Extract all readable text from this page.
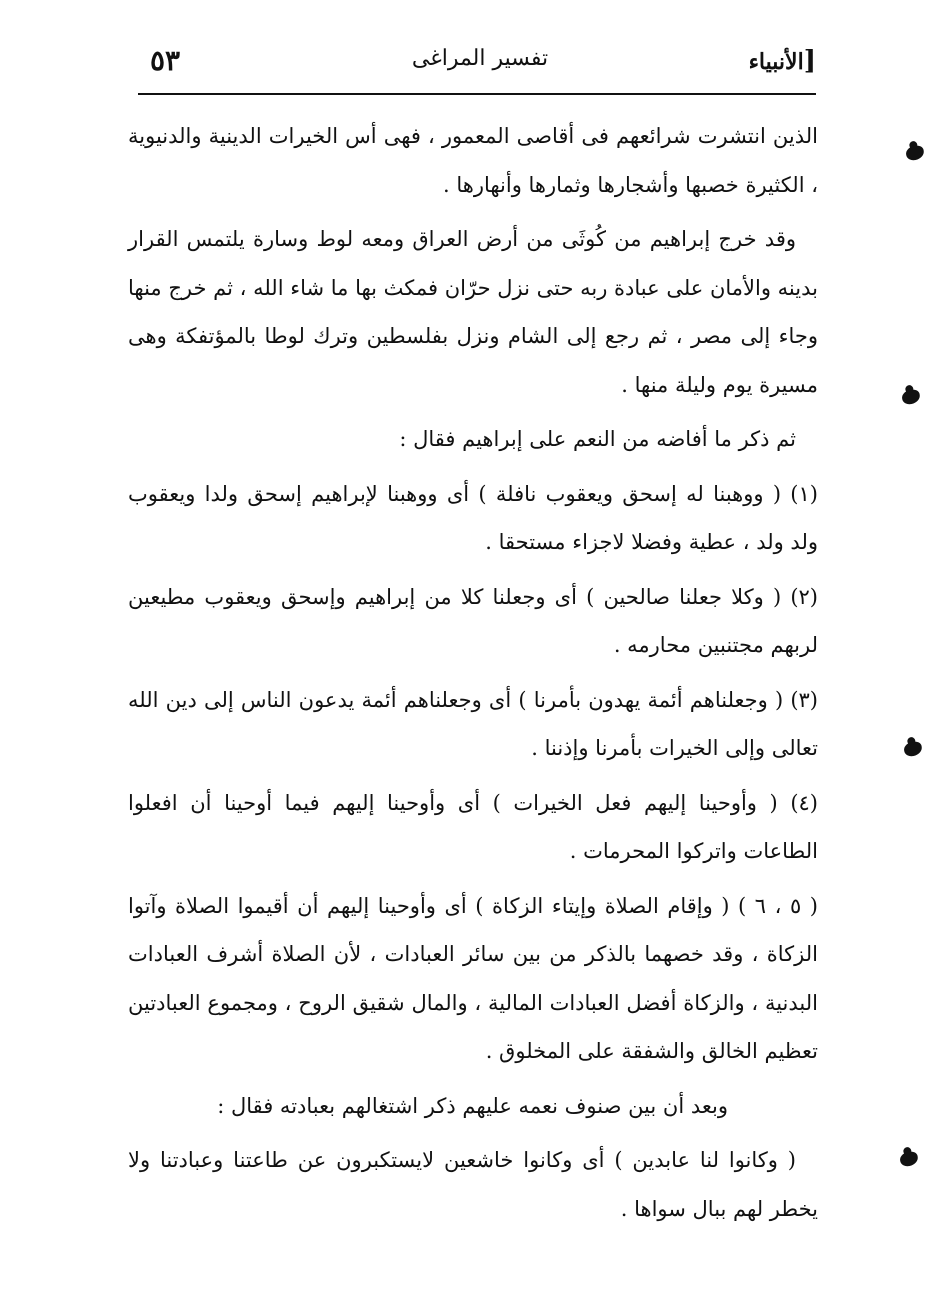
٥٣	تفسير المراغى	الأنبياء]

الذين انتشرت شرائعهم فى أقاصى المعمور ، فهى أس الخيرات الدينية والدنيوية ، الكثيرة خصبها وأشجارها وثمارها وأنهارها .

وقد خرج إبراهيم من كُوثَى من أرض العراق ومعه لوط وسارة يلتمس القرار بدينه والأمان على عبادة ربه حتى نزل حرّان فمكث بها ما شاء الله ، ثم خرج منها وجاء إلى مصر ، ثم رجع إلى الشام ونزل بفلسطين وترك لوطا بالمؤتفكة وهى مسيرة يوم وليلة منها .

ثم ذكر ما أفاضه من النعم على إبراهيم فقال :

(١) ( ووهبنا له إسحق ويعقوب نافلة ) أى ووهبنا لإبراهيم إسحق ولدا ويعقوب ولد ولد ، عطية وفضلا لاجزاء مستحقا .

(٢) ( وكلا جعلنا صالحين ) أى وجعلنا كلا من إبراهيم وإسحق ويعقوب مطيعين لربهم مجتنبين محارمه .

(٣) ( وجعلناهم أئمة يهدون بأمرنا ) أى وجعلناهم أئمة يدعون الناس إلى دين الله تعالى وإلى الخيرات بأمرنا وإذننا .

(٤) ( وأوحينا إليهم فعل الخيرات ) أى وأوحينا إليهم فيما أوحينا أن افعلوا الطاعات واتركوا المحرمات .

( ٥ ، ٦ ) ( وإقام الصلاة وإيتاء الزكاة ) أى وأوحينا إليهم أن أقيموا الصلاة وآتوا الزكاة ، وقد خصهما بالذكر من بين سائر العبادات ، لأن الصلاة أشرف العبادات البدنية ، والزكاة أفضل العبادات المالية ، والمال شقيق الروح ، ومجموع العبادتين تعظيم الخالق والشفقة على المخلوق .

وبعد أن بين صنوف نعمه عليهم ذكر اشتغالهم بعبادته فقال :

( وكانوا لنا عابدين ) أى وكانوا خاشعين لايستكبرون عن طاعتنا وعبادتنا ولا يخطر لهم ببال سواها .
